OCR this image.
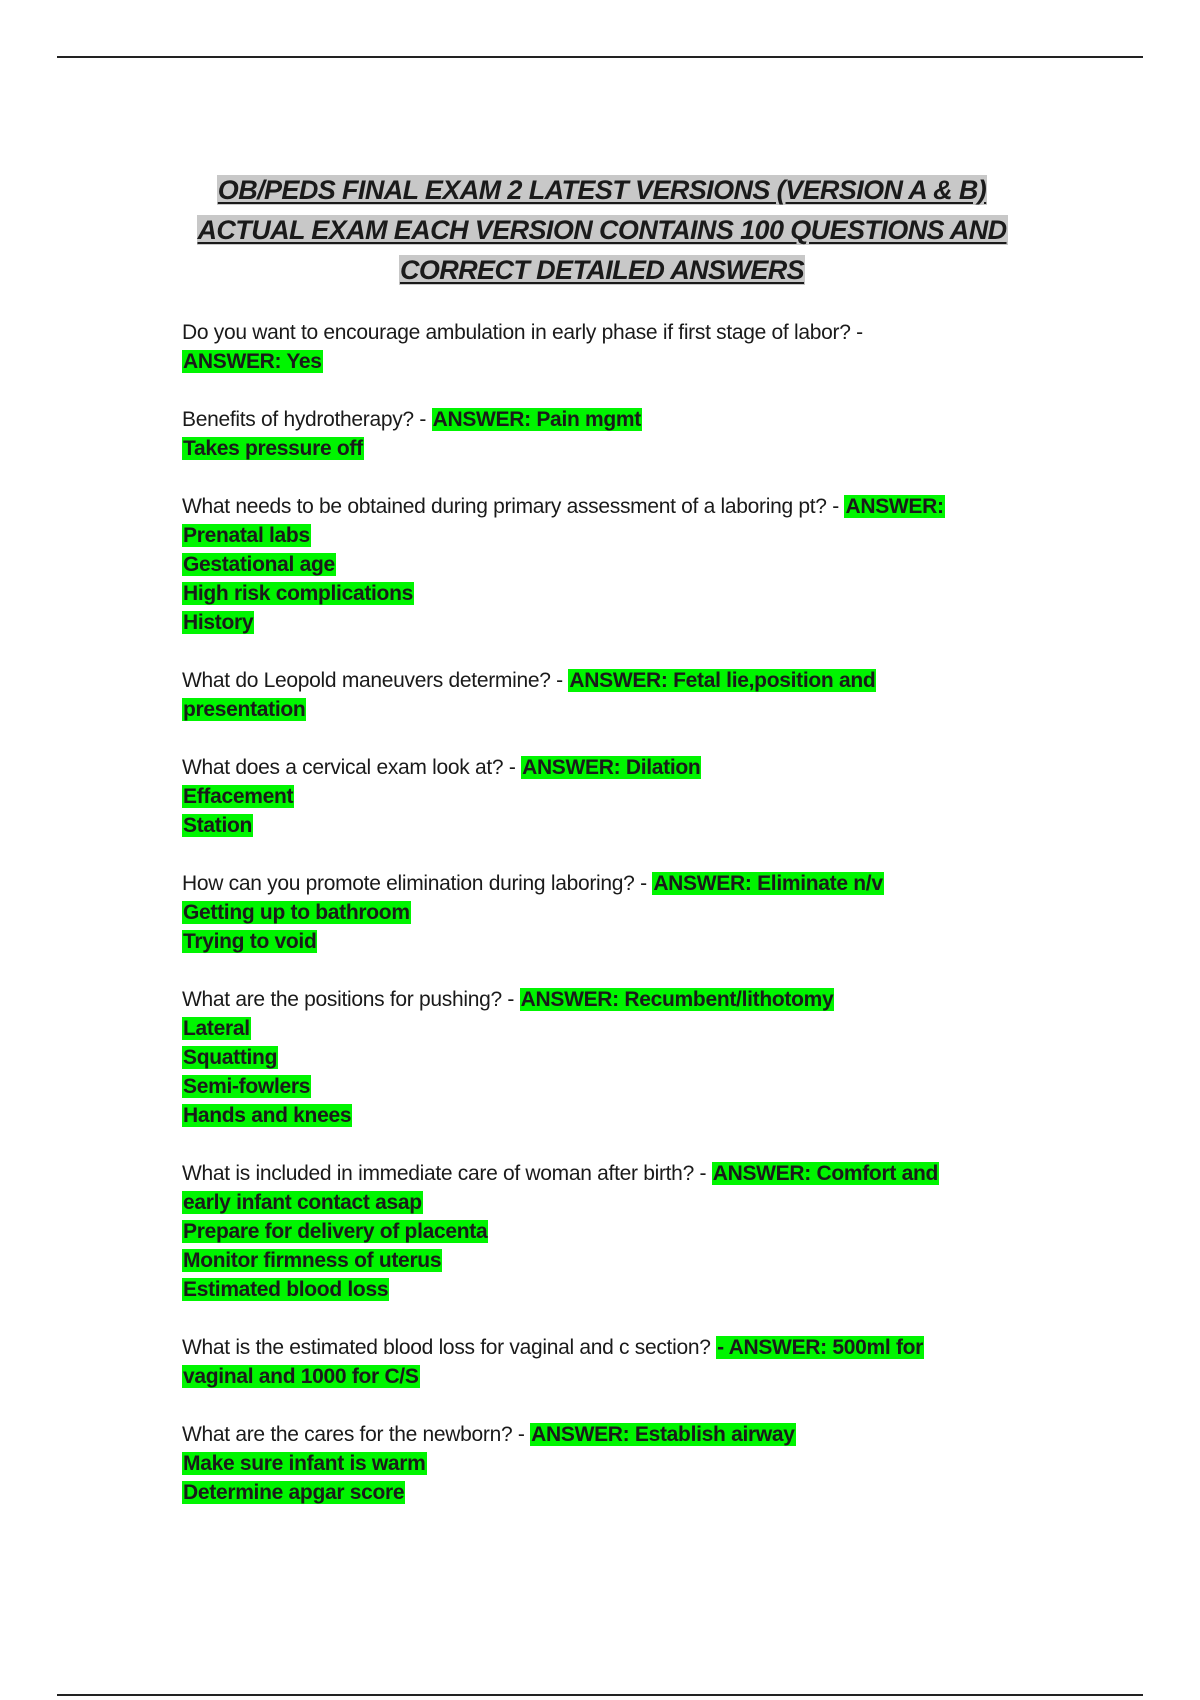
OB/PEDS FINAL EXAM 2 LATEST VERSIONS (VERSION A & B)
ACTUAL EXAM EACH VERSION CONTAINS 100 QUESTIONS AND
CORRECT DETAILED ANSWERS
Do you want to encourage ambulation in early phase if first stage of labor? -
ANSWER: Yes
Benefits of hydrotherapy? - ANSWER: Pain mgmt
Takes pressure off
What needs to be obtained during primary assessment of a laboring pt? - ANSWER:
Prenatal labs
Gestational age
High risk complications
History
What do Leopold maneuvers determine? - ANSWER: Fetal lie,position and
presentation
What does a cervical exam look at? - ANSWER: Dilation
Effacement
Station
How can you promote elimination during laboring? - ANSWER: Eliminate n/v
Getting up to bathroom
Trying to void
What are the positions for pushing? - ANSWER: Recumbent/lithotomy
Lateral
Squatting
Semi-fowlers
Hands and knees
What is included in immediate care of woman after birth? - ANSWER: Comfort and
early infant contact asap
Prepare for delivery of placenta
Monitor firmness of uterus
Estimated blood loss
What is the estimated blood loss for vaginal and c section? - ANSWER: 500ml for
vaginal and 1000 for C/S
What are the cares for the newborn? - ANSWER: Establish airway
Make sure infant is warm
Determine apgar score
